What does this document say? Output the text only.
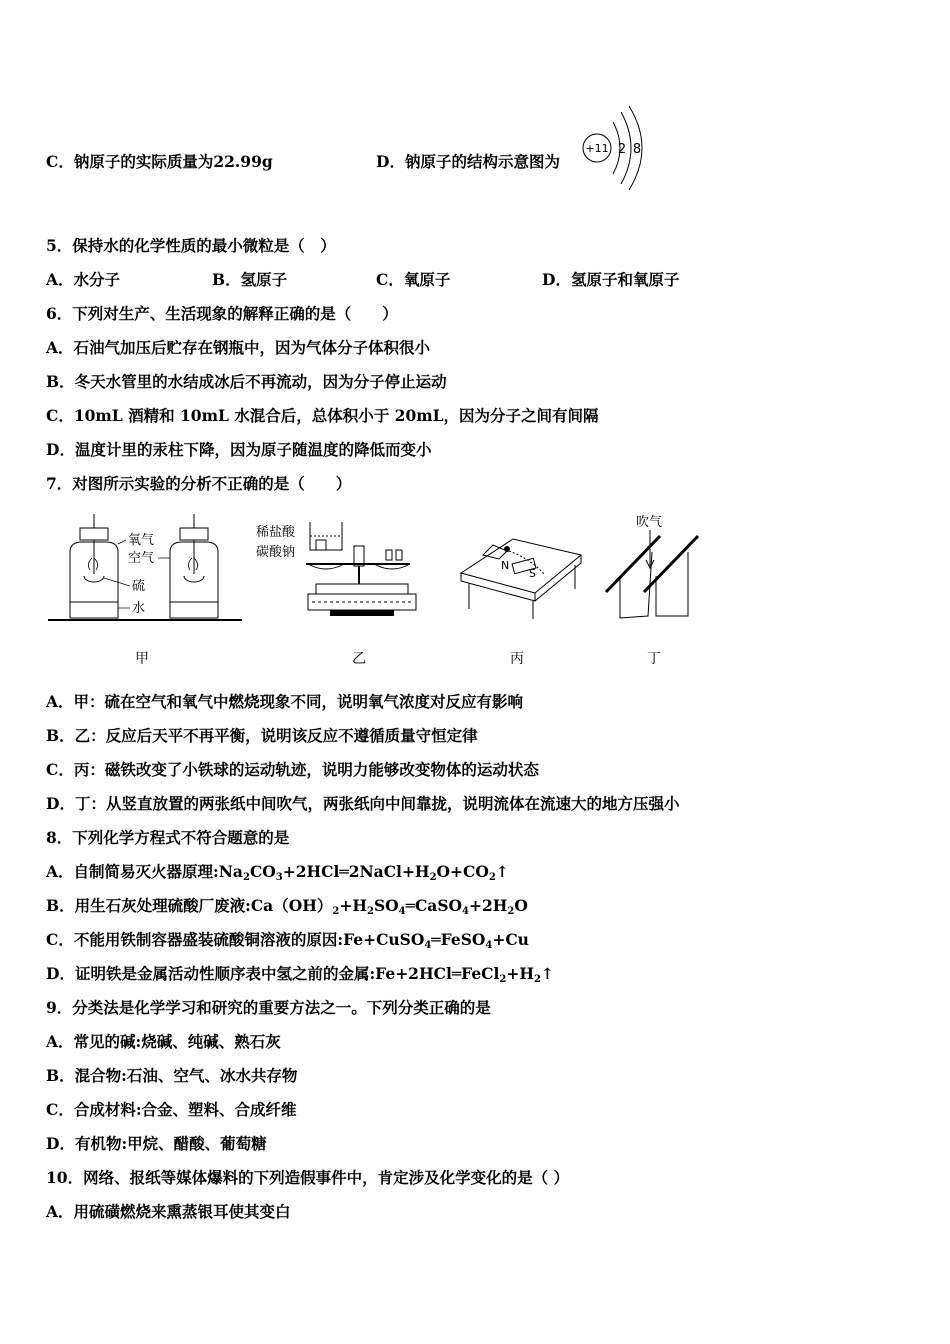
C．钠原子的实际质量为22.99g	D．钠原子的结构示意图为
+11 2 8
5．保持水的化学性质的最小微粒是（　）
A．水分子	B．氢原子	C．氧原子	D．氢原子和氧原子
6．下列对生产、生活现象的解释正确的是（　　）
A．石油气加压后贮存在钢瓶中，因为气体分子体积很小
B．冬天水管里的水结成冰后不再流动，因为分子停止运动
C．10mL 酒精和 10mL 水混合后，总体积小于 20mL，因为分子之间有间隔
D．温度计里的汞柱下降，因为原子随温度的降低而变小
7．对图所示实验的分析不正确的是（　　）
氧气
空气
硫
水
甲
稀盐酸
碳酸钠
乙
N
S
丙
吹气
丁
A．甲：硫在空气和氧气中燃烧现象不同，说明氧气浓度对反应有影响
B．乙：反应后天平不再平衡，说明该反应不遵循质量守恒定律
C．丙：磁铁改变了小铁球的运动轨迹，说明力能够改变物体的运动状态
D．丁：从竖直放置的两张纸中间吹气，两张纸向中间靠拢，说明流体在流速大的地方压强小
8．下列化学方程式不符合题意的是
A．自制简易灭火器原理$:Na_2CO_3+2HCl═2NaCl+H_2O+CO_2↑$
B．用生石灰处理硫酸厂废液$:Ca(OH)_2+H_2SO_4═CaSO_4+2H_2O$
C．不能用铁制容器盛装硫酸铜溶液的原因:Fe+CuSO$_4$═FeSO$_4$+Cu
D．证明铁是金属活动性顺序表中氢之前的金属$:Fe+2HCl═FeCl_2+H_2↑$
9．分类法是化学学习和研究的重要方法之一。下列分类正确的是
A．常见的碱:烧碱、纯碱、熟石灰
B．混合物:石油、空气、冰水共存物
C．合成材料:合金、塑料、合成纤维
D．有机物:甲烷、醋酸、葡萄糖
10．网络、报纸等媒体爆料的下列造假事件中，肯定涉及化学变化的是（ ）
A．用硫磺燃烧来熏蒸银耳使其变白
